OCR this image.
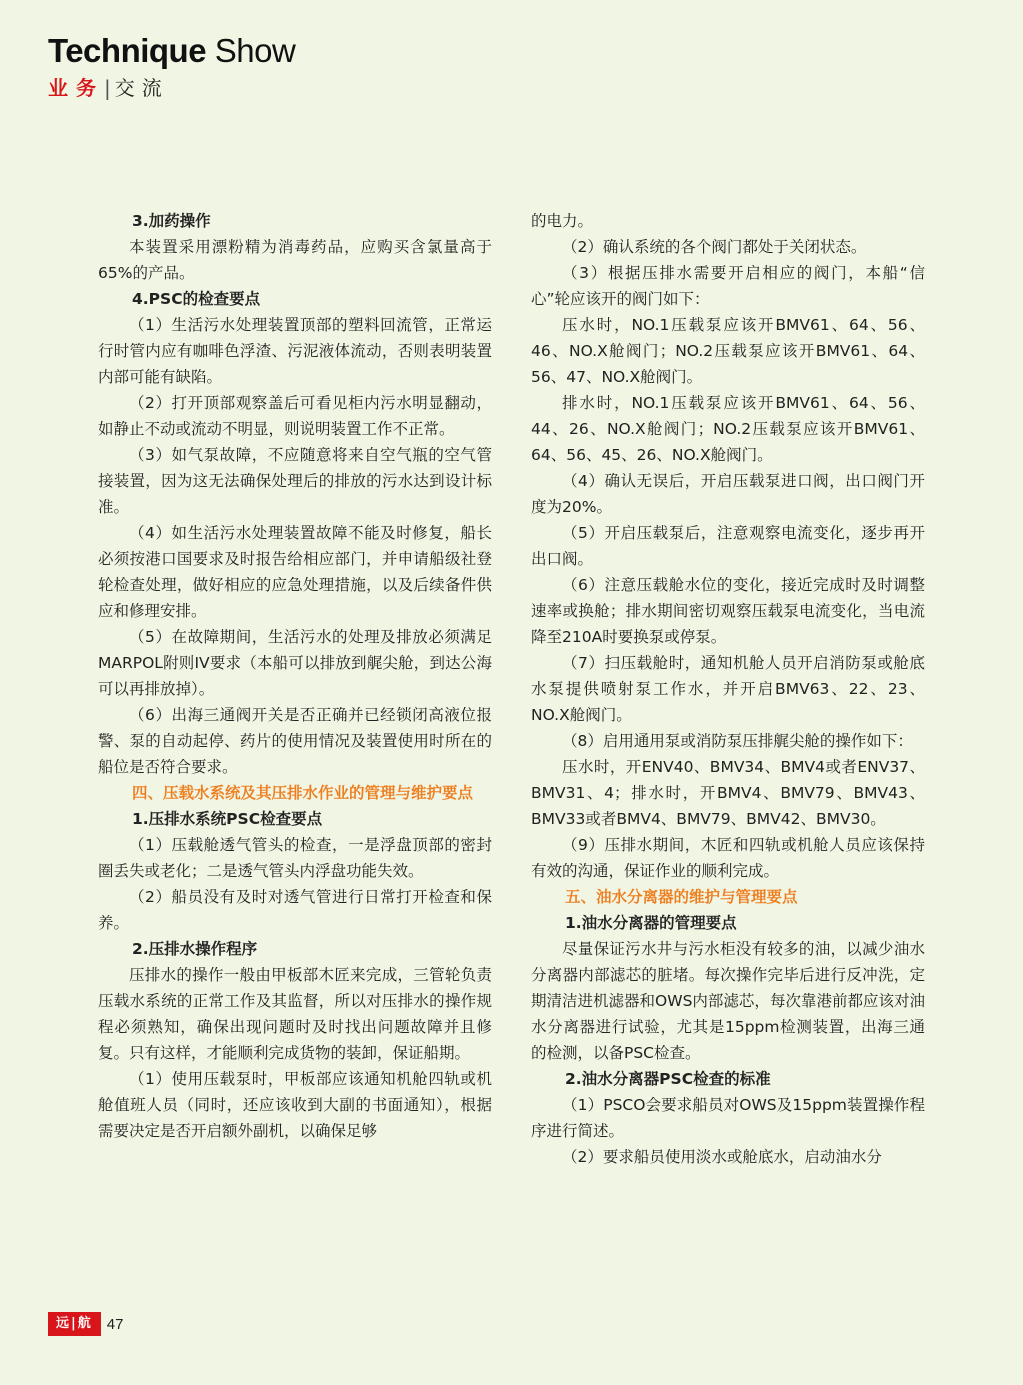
Technique Show
业务| 交流

3.加药操作

本装置采用漂粉精为消毒药品，应购买含氯量高于65%的产品。

4.PSC的检查要点

（1）生活污水处理装置顶部的塑料回流管，正常运行时管内应有咖啡色浮渣、污泥液体流动，否则表明装置内部可能有缺陷。

（2）打开顶部观察盖后可看见柜内污水明显翻动，如静止不动或流动不明显，则说明装置工作不正常。

（3）如气泵故障，不应随意将来自空气瓶的空气管接装置，因为这无法确保处理后的排放的污水达到设计标准。

（4）如生活污水处理装置故障不能及时修复，船长必须按港口国要求及时报告给相应部门，并申请船级社登轮检查处理，做好相应的应急处理措施，以及后续备件供应和修理安排。

（5）在故障期间，生活污水的处理及排放必须满足MARPOL附则IV要求（本船可以排放到艉尖舱，到达公海可以再排放掉）。

（6）出海三通阀开关是否正确并已经锁闭高液位报警、泵的自动起停、药片的使用情况及装置使用时所在的船位是否符合要求。

四、压载水系统及其压排水作业的管理与维护要点

1.压排水系统PSC检查要点

（1）压载舱透气管头的检查，一是浮盘顶部的密封圈丢失或老化；二是透气管头内浮盘功能失效。

（2）船员没有及时对透气管进行日常打开检查和保养。

2.压排水操作程序

压排水的操作一般由甲板部木匠来完成，三管轮负责压载水系统的正常工作及其监督，所以对压排水的操作规程必须熟知，确保出现问题时及时找出问题故障并且修复。只有这样，才能顺利完成货物的装卸，保证船期。

（1）使用压载泵时，甲板部应该通知机舱四轨或机舱值班人员（同时，还应该收到大副的书面通知），根据需要决定是否开启额外副机，以确保足够

的电力。

（2）确认系统的各个阀门都处于关闭状态。

（3）根据压排水需要开启相应的阀门，本船“信心”轮应该开的阀门如下：

压水时，NO.1压载泵应该开BMV61、64、56、46、NO.X舱阀门；NO.2压载泵应该开BMV61、64、56、47、NO.X舱阀门。

排水时，NO.1压载泵应该开BMV61、64、56、44、26、NO.X舱阀门；NO.2压载泵应该开BMV61、64、56、45、26、NO.X舱阀门。

（4）确认无误后，开启压载泵进口阀，出口阀门开度为20%。

（5）开启压载泵后，注意观察电流变化，逐步再开出口阀。

（6）注意压载舱水位的变化，接近完成时及时调整速率或换舱；排水期间密切观察压载泵电流变化，当电流降至210A时要换泵或停泵。

（7）扫压载舱时，通知机舱人员开启消防泵或舱底水泵提供喷射泵工作水，并开启BMV63、22、23、NO.X舱阀门。

（8）启用通用泵或消防泵压排艉尖舱的操作如下：

压水时，开ENV40、BMV34、BMV4或者ENV37、BMV31、4；排水时，开BMV4、BMV79、BMV43、BMV33或者BMV4、BMV79、BMV42、BMV30。

（9）压排水期间，木匠和四轨或机舱人员应该保持有效的沟通，保证作业的顺利完成。

五、油水分离器的维护与管理要点

1.油水分离器的管理要点

尽量保证污水井与污水柜没有较多的油，以减少油水分离器内部滤芯的脏堵。每次操作完毕后进行反冲洗，定期清洁进机滤器和OWS内部滤芯，每次靠港前都应该对油水分离器进行试验，尤其是15ppm检测装置，出海三通的检测，以备PSC检查。

2.油水分离器PSC检查的标准

（1）PSCO会要求船员对OWS及15ppm装置操作程序进行简述。

（2）要求船员使用淡水或舱底水，启动油水分

远|航 47
